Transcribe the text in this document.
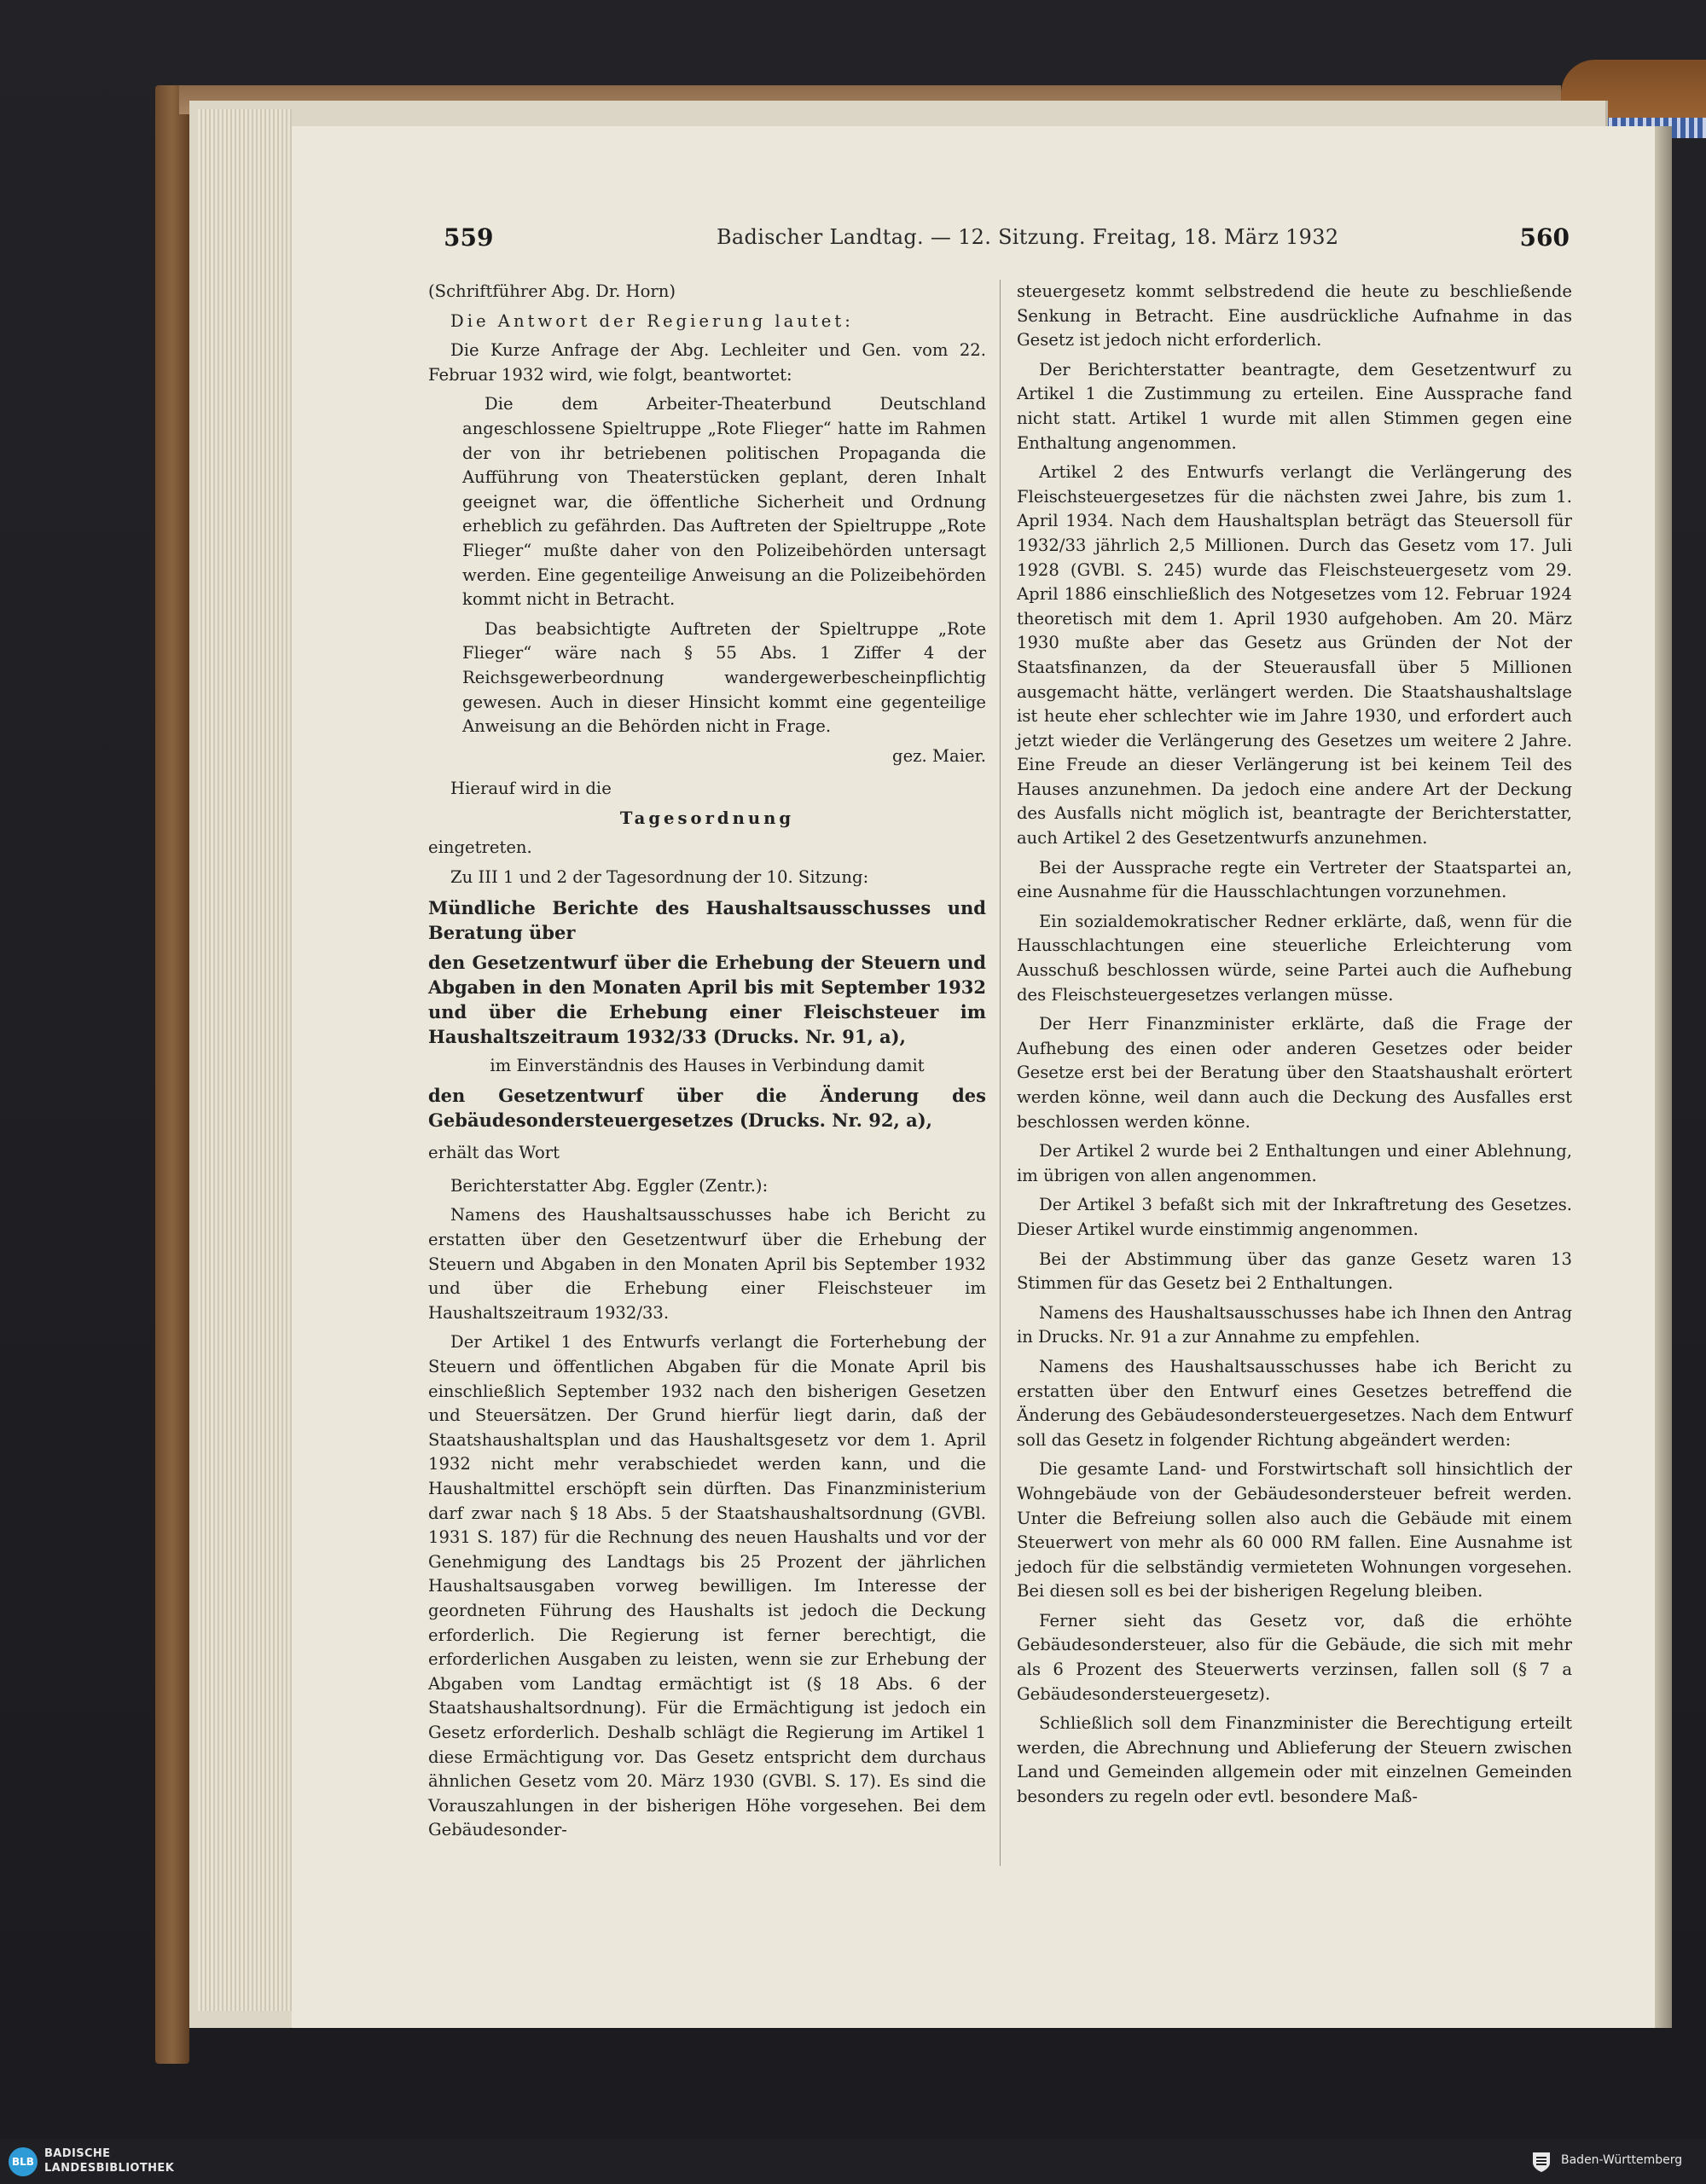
559	Badischer Landtag. — 12. Sitzung. Freitag, 18. März 1932	560

(Schriftführer Abg. Dr. Horn)

Die Antwort der Regierung lautet:

Die Kurze Anfrage der Abg. Lechleiter und Gen. vom 22. Februar 1932 wird, wie folgt, beantwortet:

Die dem Arbeiter-Theaterbund Deutschland angeschlossene Spieltruppe „Rote Flieger“ hatte im Rahmen der von ihr betriebenen politischen Propaganda die Aufführung von Theaterstücken geplant, deren Inhalt geeignet war, die öffentliche Sicherheit und Ordnung erheblich zu gefährden. Das Auftreten der Spieltruppe „Rote Flieger“ mußte daher von den Polizeibehörden untersagt werden. Eine gegenteilige Anweisung an die Polizeibehörden kommt nicht in Betracht.

Das beabsichtigte Auftreten der Spieltruppe „Rote Flieger“ wäre nach § 55 Abs. 1 Ziffer 4 der Reichsgewerbeordnung wandergewerbescheinpflichtig gewesen. Auch in dieser Hinsicht kommt eine gegenteilige Anweisung an die Behörden nicht in Frage.

gez. Maier.

Hierauf wird in die

Tagesordnung

eingetreten.

Zu III 1 und 2 der Tagesordnung der 10. Sitzung:

Mündliche Berichte des Haushaltsausschusses und Beratung über

den Gesetzentwurf über die Erhebung der Steuern und Abgaben in den Monaten April bis mit September 1932 und über die Erhebung einer Fleischsteuer im Haushaltszeitraum 1932/33 (Drucks. Nr. 91, a),

im Einverständnis des Hauses in Verbindung damit

den Gesetzentwurf über die Änderung des Gebäudesondersteuergesetzes (Drucks. Nr. 92, a),

erhält das Wort

Berichterstatter Abg. Eggler (Zentr.):

Namens des Haushaltsausschusses habe ich Bericht zu erstatten über den Gesetzentwurf über die Erhebung der Steuern und Abgaben in den Monaten April bis September 1932 und über die Erhebung einer Fleischsteuer im Haushaltszeitraum 1932/33.

Der Artikel 1 des Entwurfs verlangt die Forterhebung der Steuern und öffentlichen Abgaben für die Monate April bis einschließlich September 1932 nach den bisherigen Gesetzen und Steuersätzen. Der Grund hierfür liegt darin, daß der Staatshaushaltsplan und das Haushaltsgesetz vor dem 1. April 1932 nicht mehr verabschiedet werden kann, und die Haushaltmittel erschöpft sein dürften. Das Finanzministerium darf zwar nach § 18 Abs. 5 der Staatshaushaltsordnung (GVBl. 1931 S. 187) für die Rechnung des neuen Haushalts und vor der Genehmigung des Landtags bis 25 Prozent der jährlichen Haushaltsausgaben vorweg bewilligen. Im Interesse der geordneten Führung des Haushalts ist jedoch die Deckung erforderlich. Die Regierung ist ferner berechtigt, die erforderlichen Ausgaben zu leisten, wenn sie zur Erhebung der Abgaben vom Landtag ermächtigt ist (§ 18 Abs. 6 der Staatshaushaltsordnung). Für die Ermächtigung ist jedoch ein Gesetz erforderlich. Deshalb schlägt die Regierung im Artikel 1 diese Ermächtigung vor. Das Gesetz entspricht dem durchaus ähnlichen Gesetz vom 20. März 1930 (GVBl. S. 17). Es sind die Vorauszahlungen in der bisherigen Höhe vorgesehen. Bei dem Gebäudesonder-

steuergesetz kommt selbstredend die heute zu beschließende Senkung in Betracht. Eine ausdrückliche Aufnahme in das Gesetz ist jedoch nicht erforderlich.

Der Berichterstatter beantragte, dem Gesetzentwurf zu Artikel 1 die Zustimmung zu erteilen. Eine Aussprache fand nicht statt. Artikel 1 wurde mit allen Stimmen gegen eine Enthaltung angenommen.

Artikel 2 des Entwurfs verlangt die Verlängerung des Fleischsteuergesetzes für die nächsten zwei Jahre, bis zum 1. April 1934. Nach dem Haushaltsplan beträgt das Steuersoll für 1932/33 jährlich 2,5 Millionen. Durch das Gesetz vom 17. Juli 1928 (GVBl. S. 245) wurde das Fleischsteuergesetz vom 29. April 1886 einschließlich des Notgesetzes vom 12. Februar 1924 theoretisch mit dem 1. April 1930 aufgehoben. Am 20. März 1930 mußte aber das Gesetz aus Gründen der Not der Staatsfinanzen, da der Steuerausfall über 5 Millionen ausgemacht hätte, verlängert werden. Die Staatshaushaltslage ist heute eher schlechter wie im Jahre 1930, und erfordert auch jetzt wieder die Verlängerung des Gesetzes um weitere 2 Jahre. Eine Freude an dieser Verlängerung ist bei keinem Teil des Hauses anzunehmen. Da jedoch eine andere Art der Deckung des Ausfalls nicht möglich ist, beantragte der Berichterstatter, auch Artikel 2 des Gesetzentwurfs anzunehmen.

Bei der Aussprache regte ein Vertreter der Staatspartei an, eine Ausnahme für die Hausschlachtungen vorzunehmen.

Ein sozialdemokratischer Redner erklärte, daß, wenn für die Hausschlachtungen eine steuerliche Erleichterung vom Ausschuß beschlossen würde, seine Partei auch die Aufhebung des Fleischsteuergesetzes verlangen müsse.

Der Herr Finanzminister erklärte, daß die Frage der Aufhebung des einen oder anderen Gesetzes oder beider Gesetze erst bei der Beratung über den Staatshaushalt erörtert werden könne, weil dann auch die Deckung des Ausfalles erst beschlossen werden könne.

Der Artikel 2 wurde bei 2 Enthaltungen und einer Ablehnung, im übrigen von allen angenommen.

Der Artikel 3 befaßt sich mit der Inkraftretung des Gesetzes. Dieser Artikel wurde einstimmig angenommen.

Bei der Abstimmung über das ganze Gesetz waren 13 Stimmen für das Gesetz bei 2 Enthaltungen.

Namens des Haushaltsausschusses habe ich Ihnen den Antrag in Drucks. Nr. 91 a zur Annahme zu empfehlen.

Namens des Haushaltsausschusses habe ich Bericht zu erstatten über den Entwurf eines Gesetzes betreffend die Änderung des Gebäudesondersteuergesetzes. Nach dem Entwurf soll das Gesetz in folgender Richtung abgeändert werden:

Die gesamte Land- und Forstwirtschaft soll hinsichtlich der Wohngebäude von der Gebäudesondersteuer befreit werden. Unter die Befreiung sollen also auch die Gebäude mit einem Steuerwert von mehr als 60 000 RM fallen. Eine Ausnahme ist jedoch für die selbständig vermieteten Wohnungen vorgesehen. Bei diesen soll es bei der bisherigen Regelung bleiben.

Ferner sieht das Gesetz vor, daß die erhöhte Gebäudesondersteuer, also für die Gebäude, die sich mit mehr als 6 Prozent des Steuerwerts verzinsen, fallen soll (§ 7 a Gebäudesondersteuergesetz).

Schließlich soll dem Finanzminister die Berechtigung erteilt werden, die Abrechnung und Ablieferung der Steuern zwischen Land und Gemeinden allgemein oder mit einzelnen Gemeinden besonders zu regeln oder evtl. besondere Maß-

BLB
BADISCHE
LANDESBIBLIOTHEK
Baden-Württemberg
